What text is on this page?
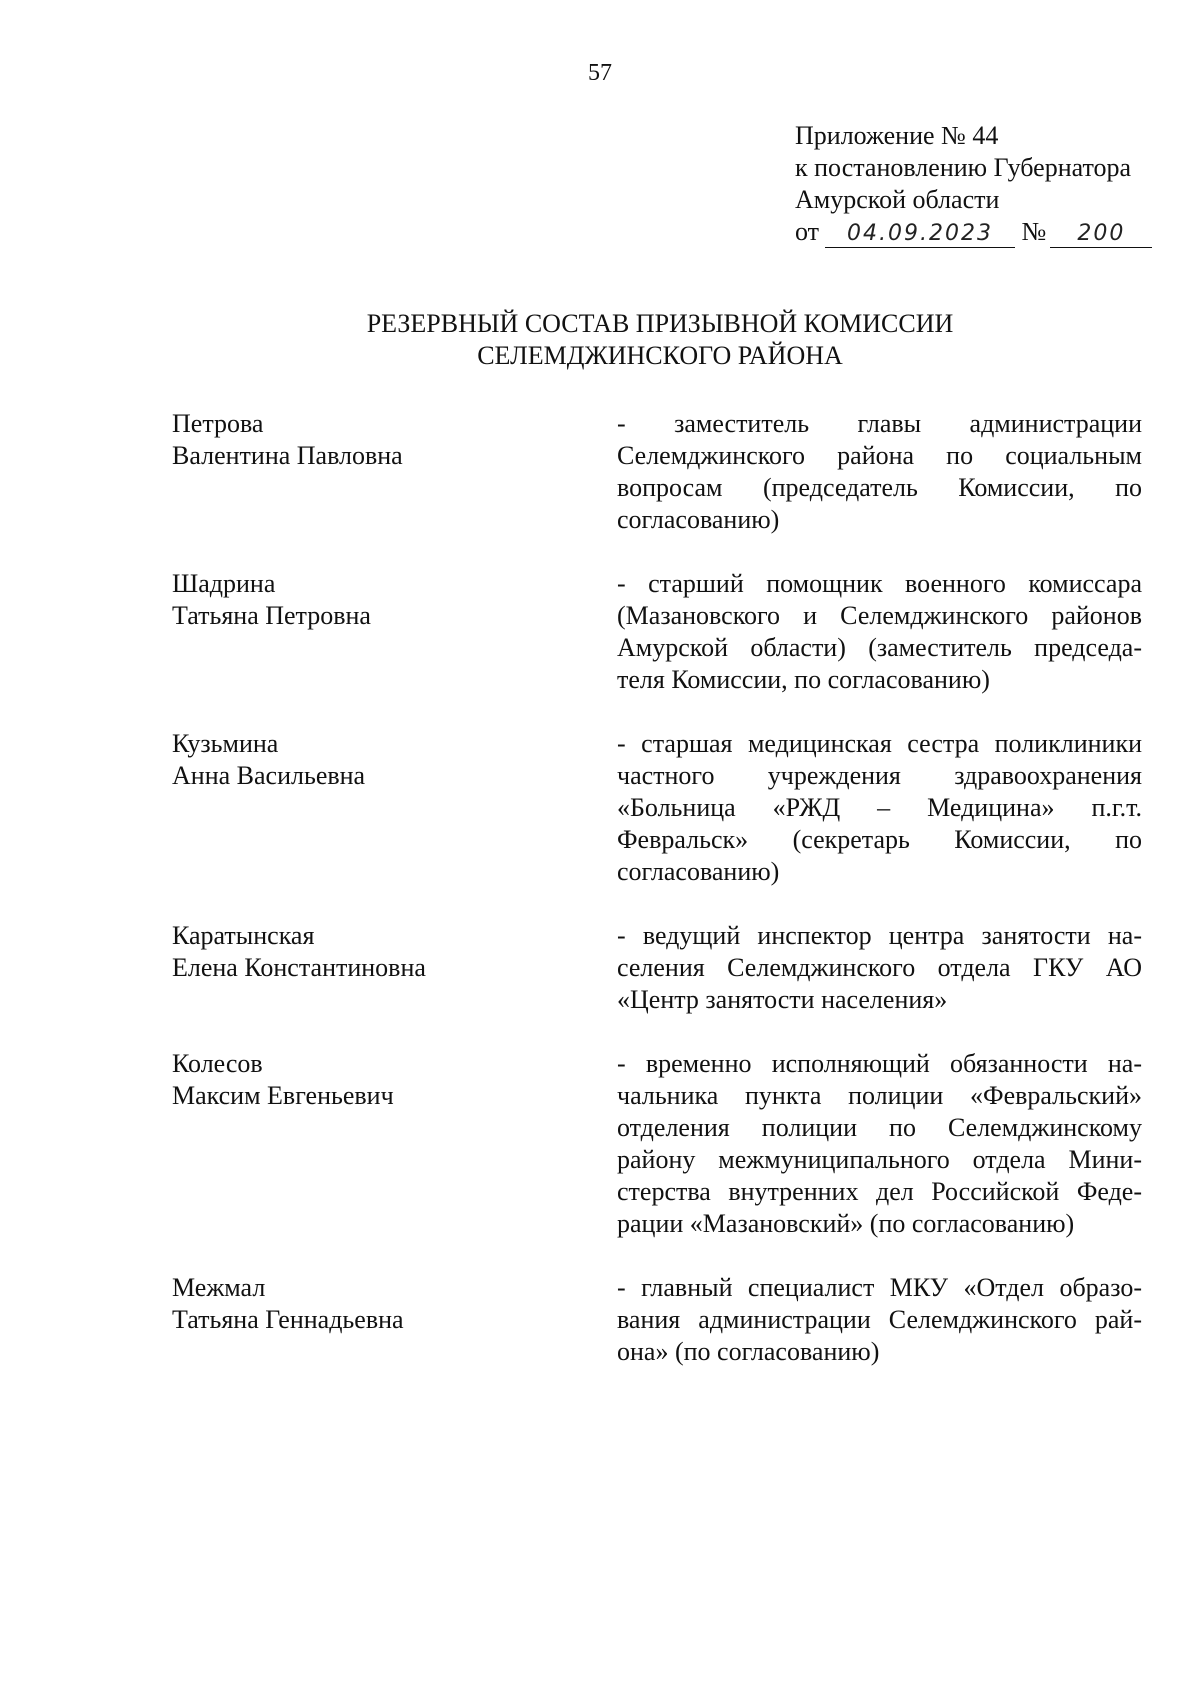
57
Приложение № 44
к постановлению Губернатора
Амурской области
от 04.09.2023 № 200
РЕЗЕРВНЫЙ СОСТАВ ПРИЗЫВНОЙ КОМИССИИ
СЕЛЕМДЖИНСКОГО РАЙОНА
Петрова
Валентина Павловна
- заместитель главы администрации
Селемджинского района по социальным
вопросам (председатель Комиссии, по
согласованию)
Шадрина
Татьяна Петровна
- старший помощник военного комиссара
(Мазановского и Селемджинского районов
Амурской области) (заместитель председа-
теля Комиссии, по согласованию)
Кузьмина
Анна Васильевна
- старшая медицинская сестра поликлиники
частного учреждения здравоохранения
«Больница «РЖД – Медицина» п.г.т.
Февральск» (секретарь Комиссии, по
согласованию)
Каратынская
Елена Константиновна
- ведущий инспектор центра занятости на-
селения Селемджинского отдела ГКУ АО
«Центр занятости населения»
Колесов
Максим Евгеньевич
- временно исполняющий обязанности на-
чальника пункта полиции «Февральский»
отделения полиции по Селемджинскому
району межмуниципального отдела Мини-
стерства внутренних дел Российской Феде-
рации «Мазановский» (по согласованию)
Межмал
Татьяна Геннадьевна
- главный специалист МКУ «Отдел образо-
вания администрации Селемджинского рай-
она» (по согласованию)
